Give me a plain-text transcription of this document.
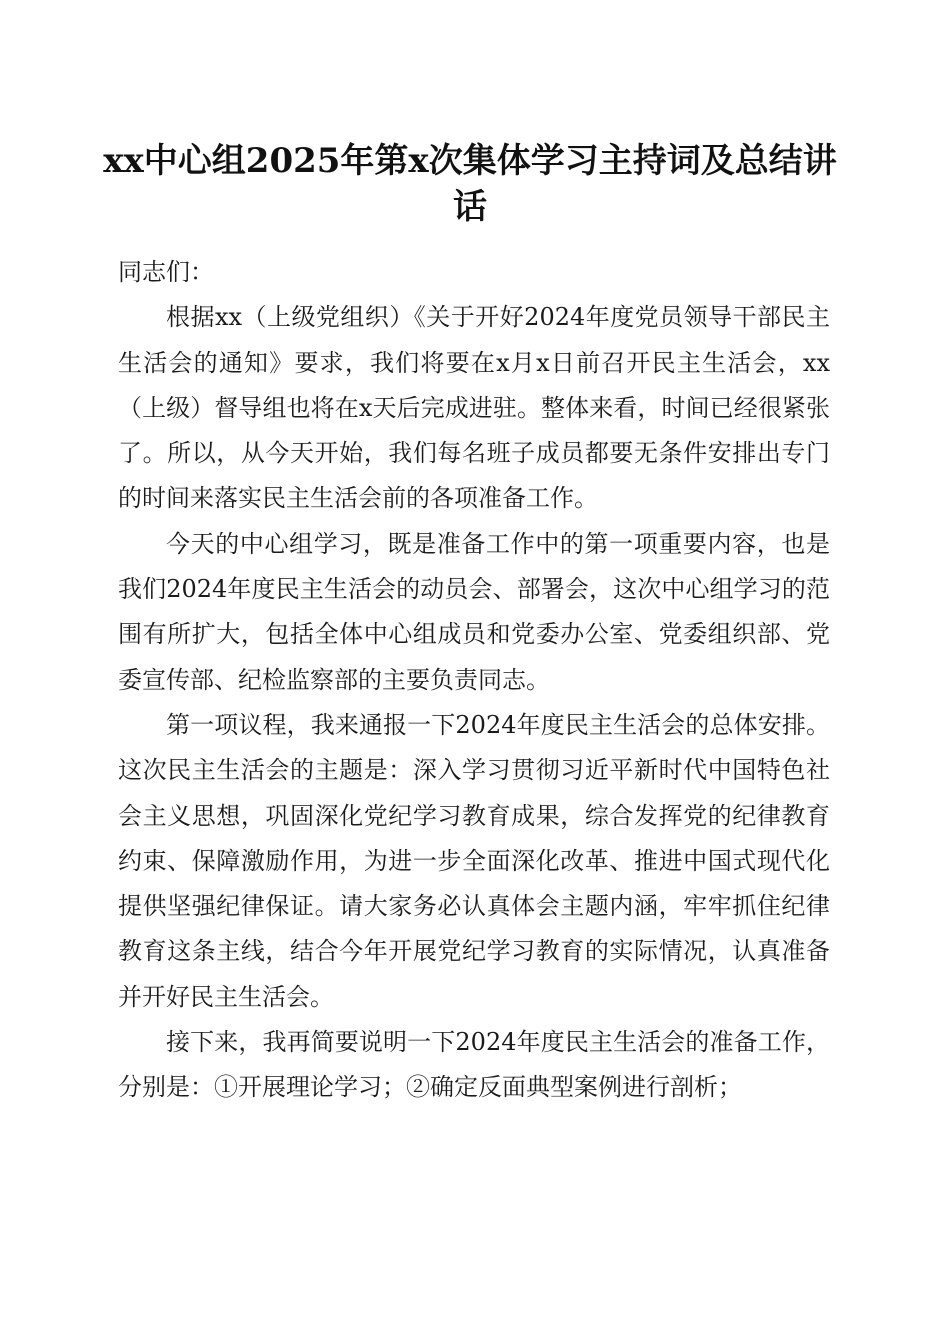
xx中心组2025年第x次集体学习主持词及总结讲话

同志们：

根据xx（上级党组织）《关于开好2024年度党员领导干部民主生活会的通知》要求，我们将要在x月x日前召开民主生活会，xx（上级）督导组也将在x天后完成进驻。整体来看，时间已经很紧张了。所以，从今天开始，我们每名班子成员都要无条件安排出专门的时间来落实民主生活会前的各项准备工作。

今天的中心组学习，既是准备工作中的第一项重要内容，也是我们2024年度民主生活会的动员会、部署会，这次中心组学习的范围有所扩大，包括全体中心组成员和党委办公室、党委组织部、党委宣传部、纪检监察部的主要负责同志。

第一项议程，我来通报一下2024年度民主生活会的总体安排。这次民主生活会的主题是：深入学习贯彻习近平新时代中国特色社会主义思想，巩固深化党纪学习教育成果，综合发挥党的纪律教育约束、保障激励作用，为进一步全面深化改革、推进中国式现代化提供坚强纪律保证。请大家务必认真体会主题内涵，牢牢抓住纪律教育这条主线，结合今年开展党纪学习教育的实际情况，认真准备并开好民主生活会。

接下来，我再简要说明一下2024年度民主生活会的准备工作，分别是：①开展理论学习；②确定反面典型案例进行剖析；
